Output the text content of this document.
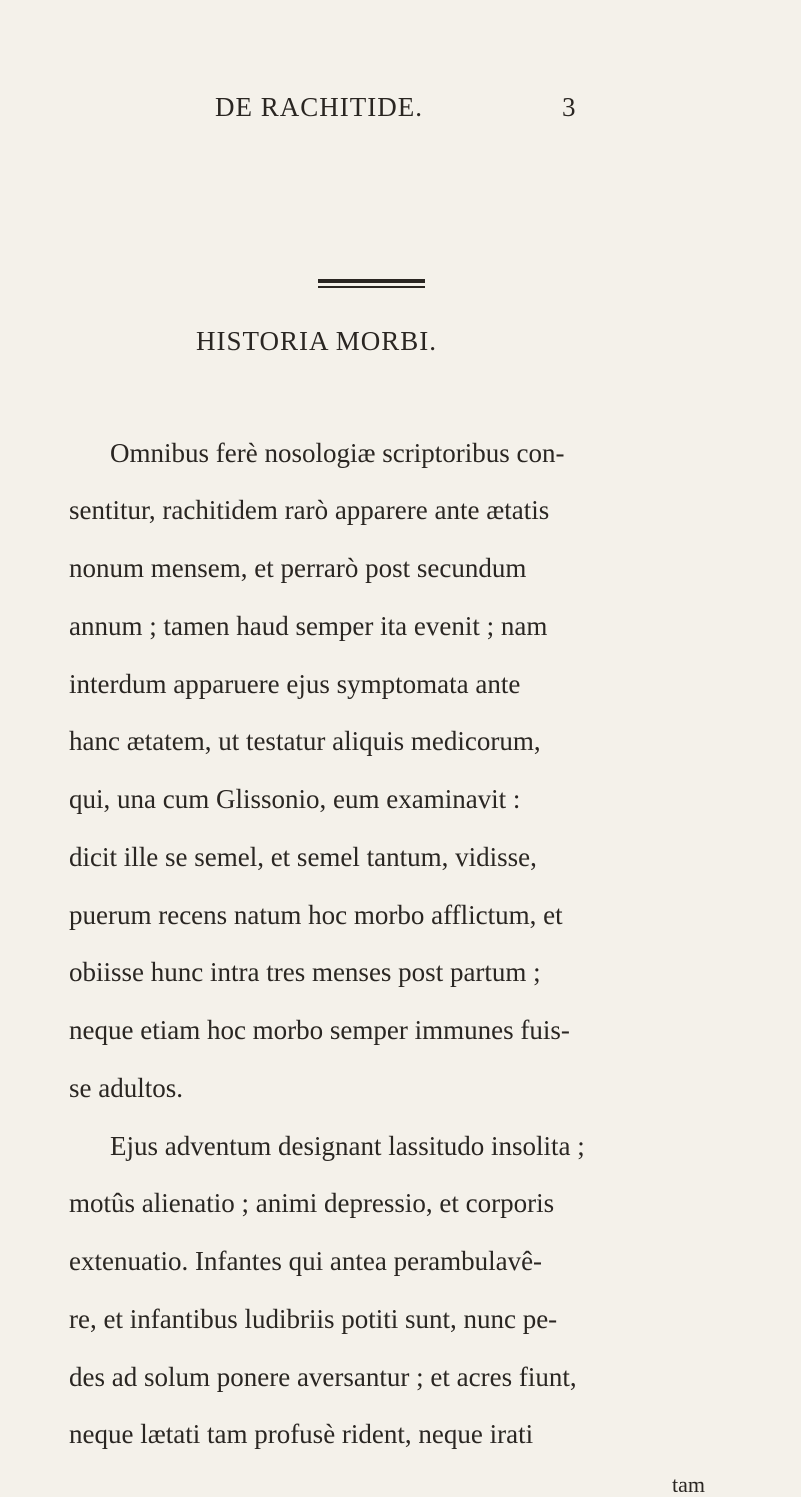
DE RACHITIDE.	3
HISTORIA MORBI.
Omnibus ferè nosologiæ scriptoribus con-
sentitur, rachitidem rarò apparere ante ætatis
nonum mensem, et perrarò post secundum
annum ; tamen haud semper ita evenit ; nam
interdum apparuere ejus symptomata ante
hanc ætatem, ut testatur aliquis medicorum,
qui, una cum Glissonio, eum examinavit :
dicit ille se semel, et semel tantum, vidisse,
puerum recens natum hoc morbo afflictum, et
obiisse hunc intra tres menses post partum ;
neque etiam hoc morbo semper immunes fuis-
se adultos.
Ejus adventum designant lassitudo insolita ;
motûs alienatio ; animi depressio, et corporis
extenuatio. Infantes qui antea perambulavê-
re, et infantibus ludibriis potiti sunt, nunc pe-
des ad solum ponere aversantur ; et acres fiunt,
neque lætati tam profusè rident, neque irati
tam
